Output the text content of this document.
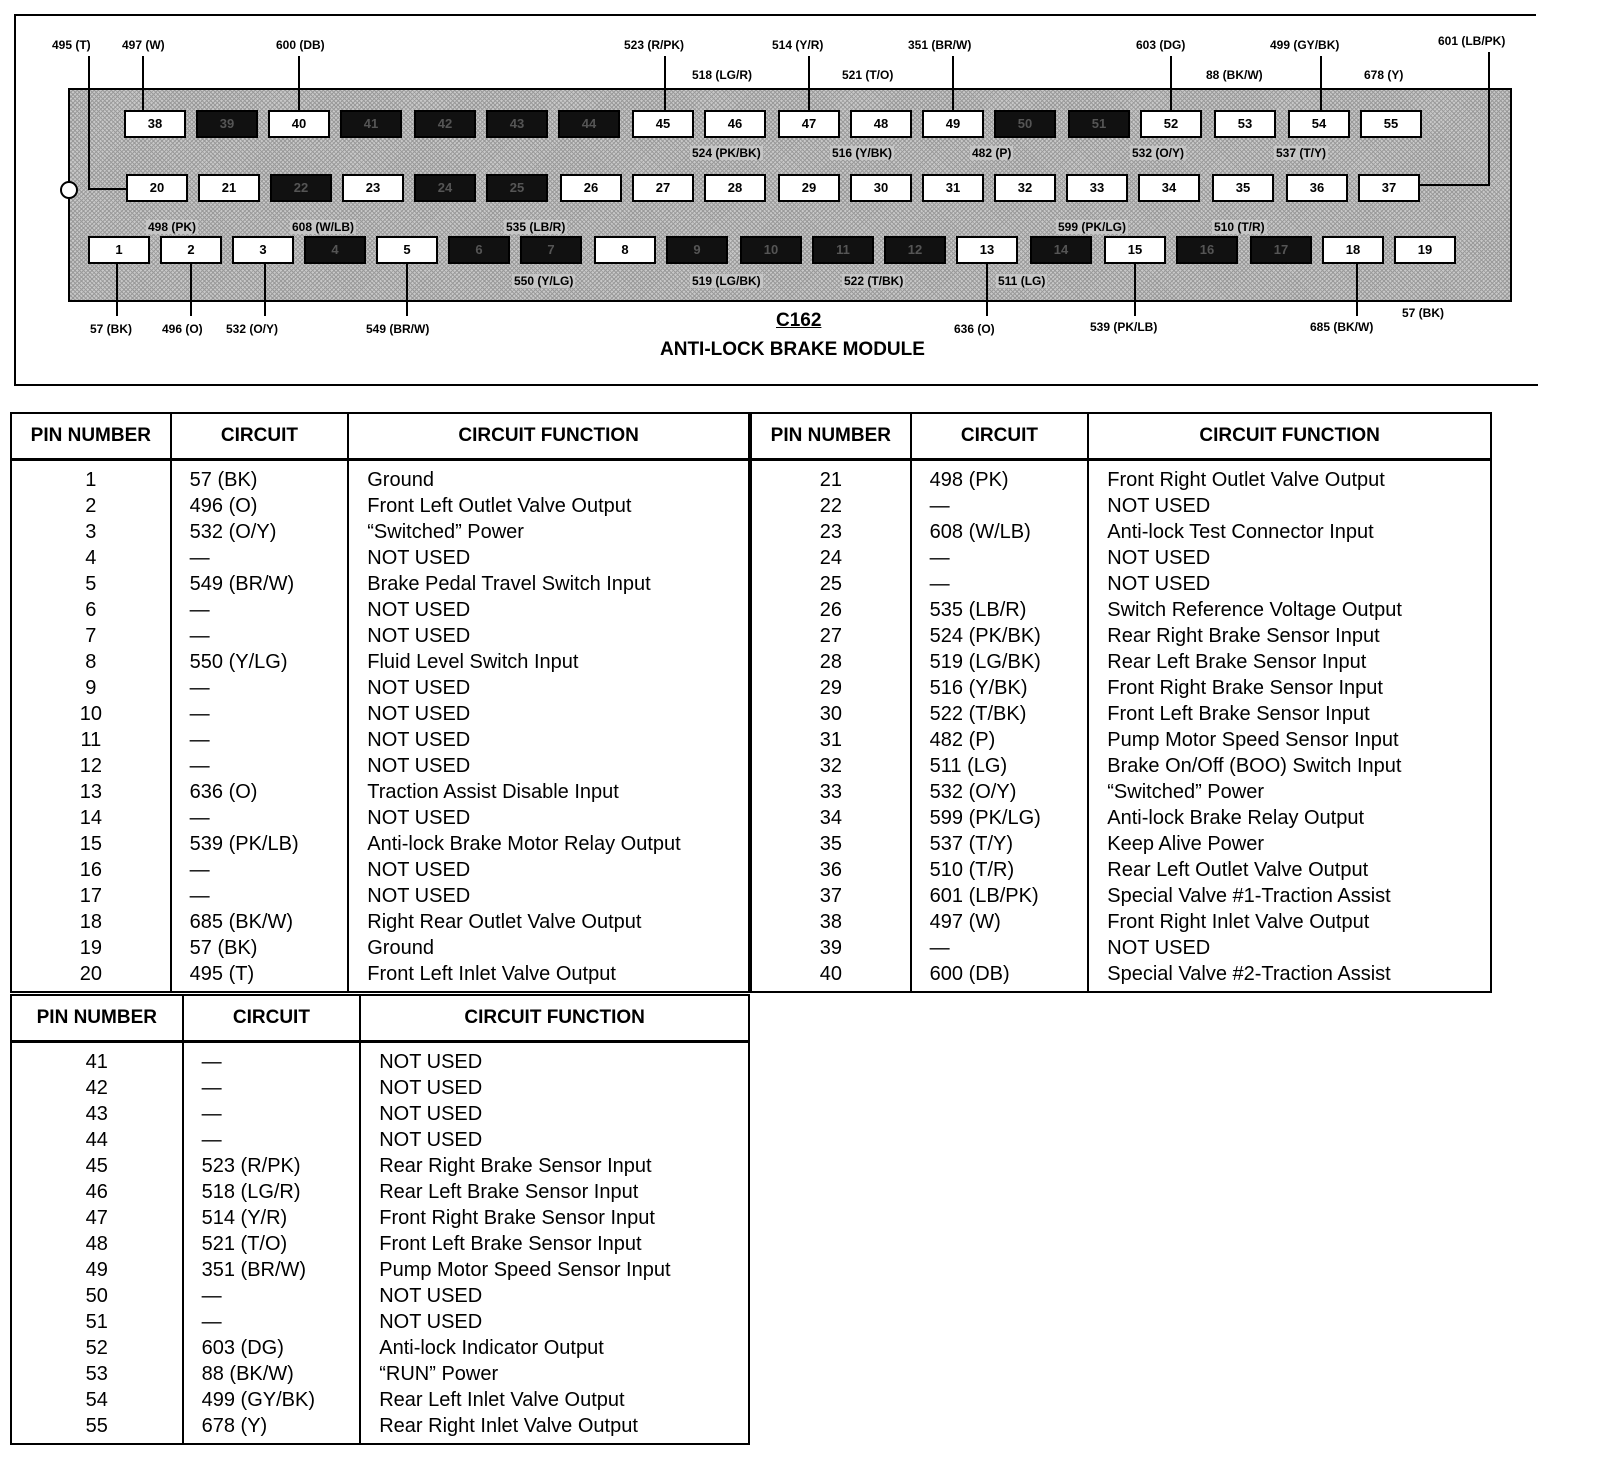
38	39	40	41	42	43	44	45	46	47	48	49	50	51	52	53	54	55
20	21	22	23	24	25	26	27	28	29	30	31	32	33	34	35	36	37
1	2	3	4	5	6	7	8	9	10	11	12	13	14	15	16	17	18	19
495 (T)	497 (W)	600 (DB)	523 (R/PK)	514 (Y/R)	351 (BR/W)	603 (DG)	499 (GY/BK)	601 (LB/PK)
518 (LG/R)	521 (T/O)	88 (BK/W)	678 (Y)
524 (PK/BK)	516 (Y/BK)	482 (P)	532 (O/Y)	537 (T/Y)
498 (PK)	608 (W/LB)	535 (LB/R)	599 (PK/LG)	510 (T/R)
550 (Y/LG)	519 (LG/BK)	522 (T/BK)	511 (LG)
57 (BK) 496 (O) 532 (O/Y)	549 (BR/W)	636 (O)	539 (PK/LB)	685 (BK/W)
57 (BK)
C162
ANTI-LOCK BRAKE MODULE
PIN NUMBER	CIRCUIT	CIRCUIT FUNCTION
1	57 (BK)	Ground
2	496 (O)	Front Left Outlet Valve Output
3	532 (O/Y)	“Switched” Power
4	—	NOT USED
5	549 (BR/W)	Brake Pedal Travel Switch Input
6	—	NOT USED
7	—	NOT USED
8	550 (Y/LG)	Fluid Level Switch Input
9	—	NOT USED
10	—	NOT USED
11	—	NOT USED
12	—	NOT USED
13	636 (O)	Traction Assist Disable Input
14	—	NOT USED
15	539 (PK/LB)	Anti-lock Brake Motor Relay Output
16	—	NOT USED
17	—	NOT USED
18	685 (BK/W)	Right Rear Outlet Valve Output
19	57 (BK)	Ground
20	495 (T)	Front Left Inlet Valve Output
PIN NUMBER	CIRCUIT	CIRCUIT FUNCTION
21	498 (PK)	Front Right Outlet Valve Output
22	—	NOT USED
23	608 (W/LB)	Anti-lock Test Connector Input
24	—	NOT USED
25	—	NOT USED
26	535 (LB/R)	Switch Reference Voltage Output
27	524 (PK/BK)	Rear Right Brake Sensor Input
28	519 (LG/BK)	Rear Left Brake Sensor Input
29	516 (Y/BK)	Front Right Brake Sensor Input
30	522 (T/BK)	Front Left Brake Sensor Input
31	482 (P)	Pump Motor Speed Sensor Input
32	511 (LG)	Brake On/Off (BOO) Switch Input
33	532 (O/Y)	“Switched” Power
34	599 (PK/LG)	Anti-lock Brake Relay Output
35	537 (T/Y)	Keep Alive Power
36	510 (T/R)	Rear Left Outlet Valve Output
37	601 (LB/PK)	Special Valve #1-Traction Assist
38	497 (W)	Front Right Inlet Valve Output
39	—	NOT USED
40	600 (DB)	Special Valve #2-Traction Assist
PIN NUMBER	CIRCUIT	CIRCUIT FUNCTION
41	—	NOT USED
42	—	NOT USED
43	—	NOT USED
44	—	NOT USED
45	523 (R/PK)	Rear Right Brake Sensor Input
46	518 (LG/R)	Rear Left Brake Sensor Input
47	514 (Y/R)	Front Right Brake Sensor Input
48	521 (T/O)	Front Left Brake Sensor Input
49	351 (BR/W)	Pump Motor Speed Sensor Input
50	—	NOT USED
51	—	NOT USED
52	603 (DG)	Anti-lock Indicator Output
53	88 (BK/W)	“RUN” Power
54	499 (GY/BK)	Rear Left Inlet Valve Output
55	678 (Y)	Rear Right Inlet Valve Output
